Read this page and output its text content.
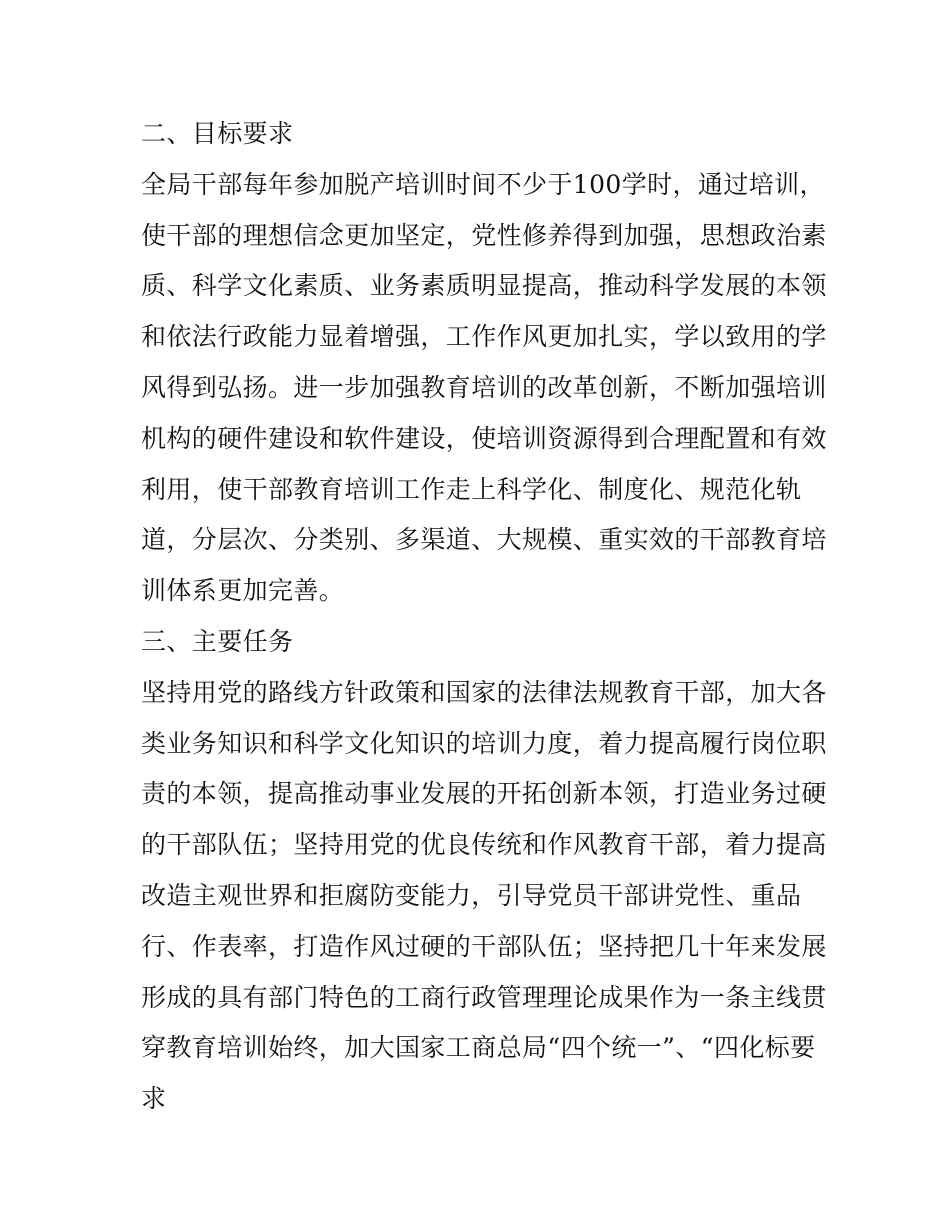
二、目标要求
全局干部每年参加脱产培训时间不少于100学时，通过培训，
使干部的理想信念更加坚定，党性修养得到加强，思想政治素
质、科学文化素质、业务素质明显提高，推动科学发展的本领
和依法行政能力显着增强，工作作风更加扎实，学以致用的学
风得到弘扬。进一步加强教育培训的改革创新，不断加强培训
机构的硬件建设和软件建设，使培训资源得到合理配置和有效
利用，使干部教育培训工作走上科学化、制度化、规范化轨
道，分层次、分类别、多渠道、大规模、重实效的干部教育培
训体系更加完善。
三、主要任务
坚持用党的路线方针政策和国家的法律法规教育干部，加大各
类业务知识和科学文化知识的培训力度，着力提高履行岗位职
责的本领，提高推动事业发展的开拓创新本领，打造业务过硬
的干部队伍；坚持用党的优良传统和作风教育干部，着力提高
改造主观世界和拒腐防变能力，引导党员干部讲党性、重品
行、作表率，打造作风过硬的干部队伍；坚持把几十年来发展
形成的具有部门特色的工商行政管理理论成果作为一条主线贯
穿教育培训始终，加大国家工商总局“四个统一”、“四化标要
求
